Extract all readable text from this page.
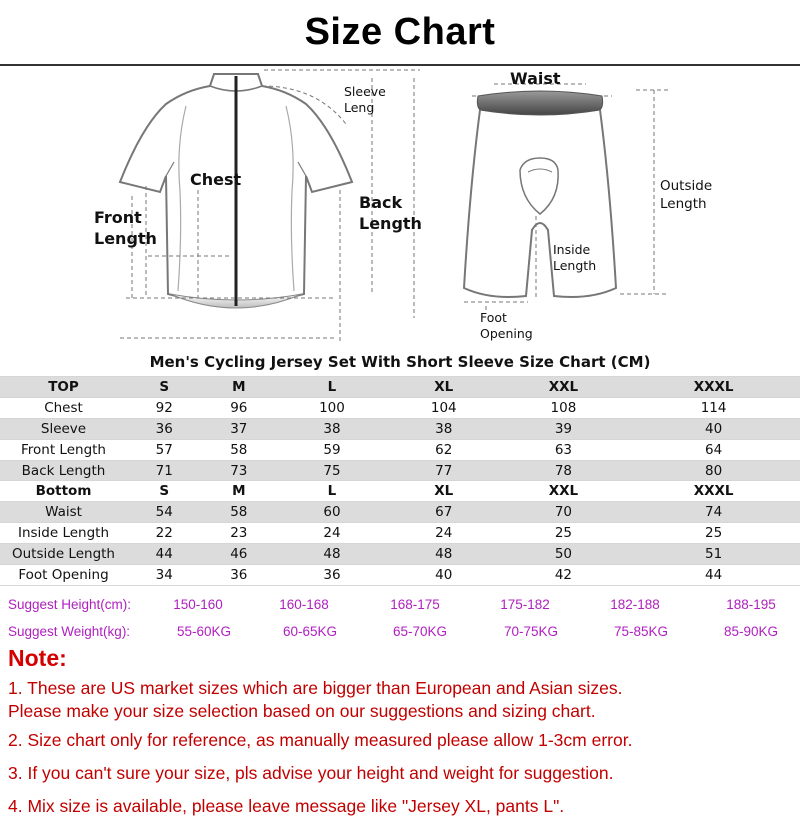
Size Chart
Sleeve
Leng
Chest
Front
Length
Back
Length
Waist
Outside
Length
Inside
Length
Foot
Opening
Men's Cycling Jersey Set With Short Sleeve Size Chart (CM)
TOP	S	M	L	XL	XXL	XXXL
Chest	92	96	100	104	108	114
Sleeve	36	37	38	38	39	40
Front Length	57	58	59	62	63	64
Back Length	71	73	75	77	78	80
Bottom	S	M	L	XL	XXL	XXXL
Waist	54	58	60	67	70	74
Inside Length	22	23	24	24	25	25
Outside Length	44	46	48	48	50	51
Foot Opening	34	36	36	40	42	44
Suggest Height(cm):	150-160	160-168	168-175	175-182	182-188	188-195
Suggest Weight(kg):	55-60KG	60-65KG	65-70KG	70-75KG	75-85KG	85-90KG
Note:
1. These are US market sizes which are bigger than European and Asian sizes.
Please make your size selection based on our suggestions and sizing chart.
2. Size chart only for reference, as manually measured please allow 1-3cm error.
3. If you can't sure your size, pls advise your height and weight for suggestion.
4. Mix size is available, please leave message like "Jersey XL, pants L".
